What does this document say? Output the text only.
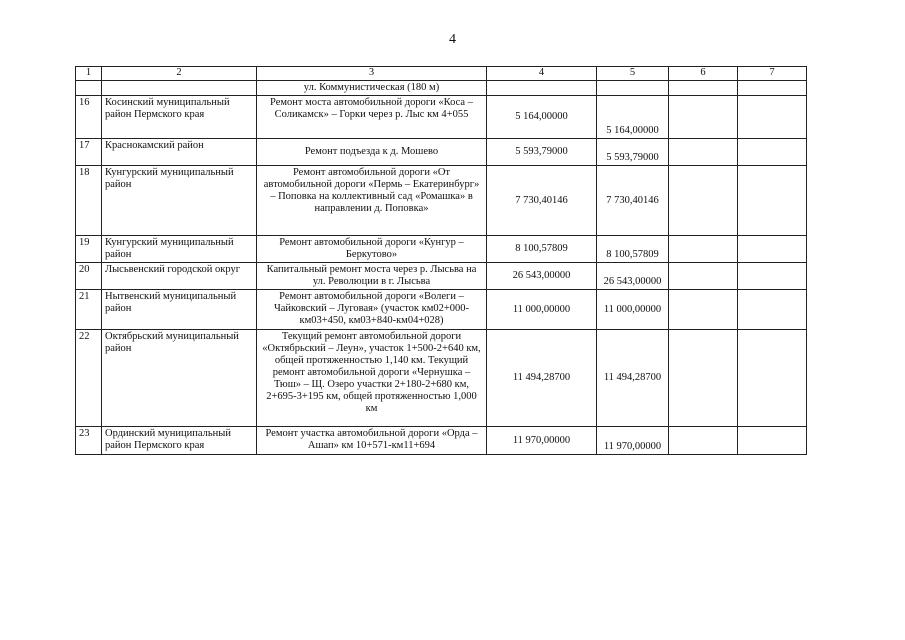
4
1	2	3	4	5	6	7
		ул. Коммунистическая (180 м)				
16	Косинский муниципальный район Пермского края	Ремонт моста автомобильной дороги «Коса – Соликамск» – Горки через р. Лыс км 4+055	5 164,00000	5 164,00000		
17	Краснокамский район	Ремонт подъезда к д. Мошево	5 593,79000	5 593,79000		
18	Кунгурский муниципальный район	Ремонт автомобильной дороги «От автомобильной дороги «Пермь – Екатеринбург» – Поповка на коллективный сад «Ромашка» в направлении д. Поповка»	7 730,40146	7 730,40146		
19	Кунгурский муниципальный район	Ремонт автомобильной дороги «Кунгур – Беркутово»	8 100,57809	8 100,57809		
20	Лысьвенский городской округ	Капитальный ремонт моста через р. Лысьва на ул. Революции в г. Лысьва	26 543,00000	26 543,00000		
21	Нытвенский муниципальный район	Ремонт автомобильной дороги «Волеги – Чайковский – Луговая» (участок км02+000-км03+450, км03+840-км04+028)	11 000,00000	11 000,00000		
22	Октябрьский муниципальный район	Текущий ремонт автомобильной дороги «Октябрьский – Леун», участок 1+500-2+640 км, общей протяженностью 1,140 км. Текущий ремонт автомобильной дороги «Чернушка – Тюш» – Щ. Озеро участки 2+180-2+680 км, 2+695-3+195 км, общей протяженностью 1,000 км	11 494,28700	11 494,28700		
23	Ординский муниципальный район Пермского края	Ремонт участка автомобильной дороги «Орда – Ашап» км 10+571-км11+694	11 970,00000	11 970,00000		
